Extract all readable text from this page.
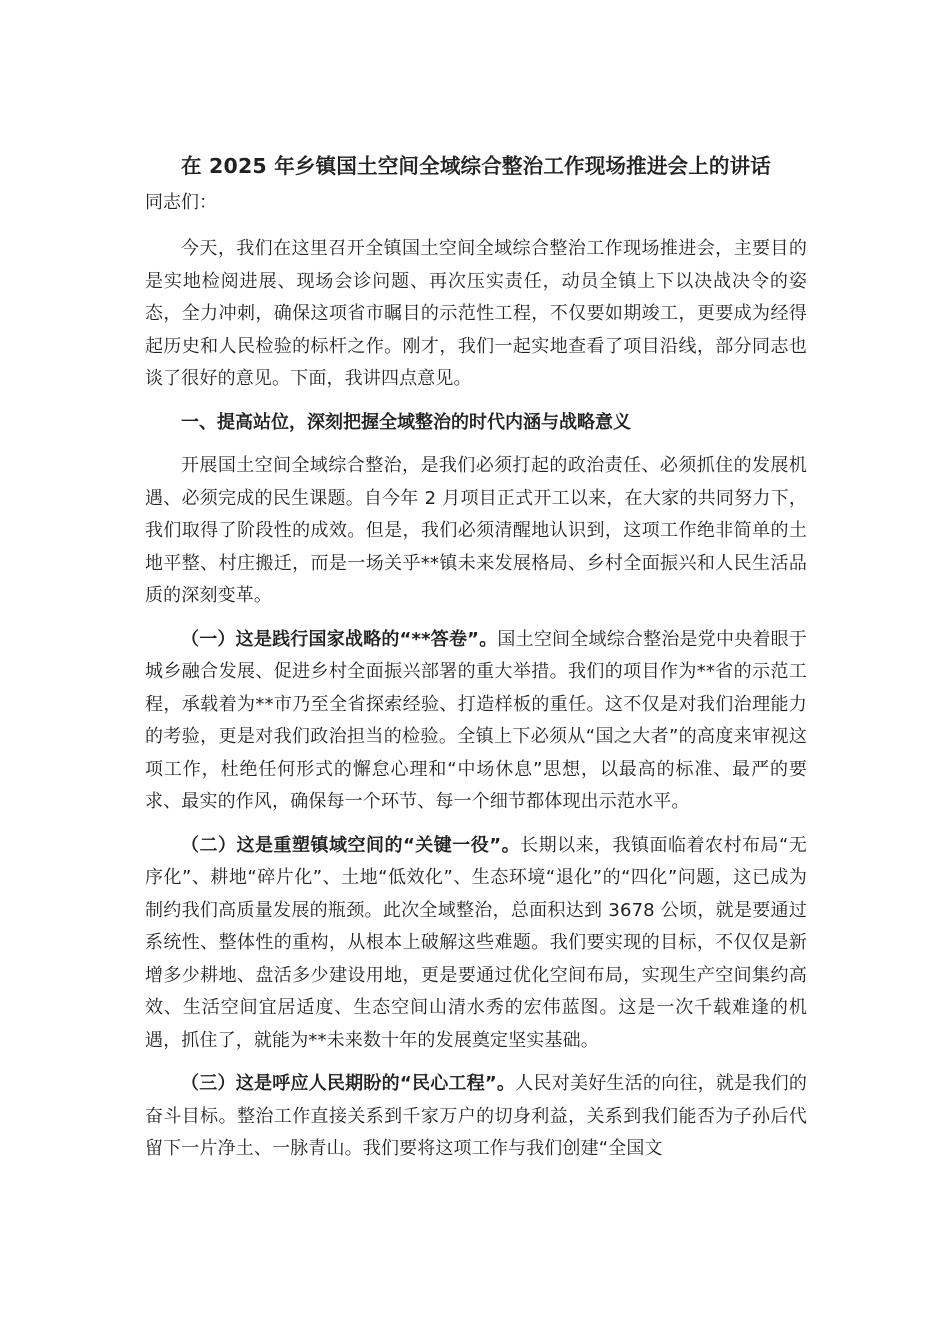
在 2025 年乡镇国土空间全域综合整治工作现场推进会上的讲话
同志们：

今天，我们在这里召开全镇国土空间全域综合整治工作现场推进会，主要目的是实地检阅进展、现场会诊问题、再次压实责任，动员全镇上下以决战决令的姿态，全力冲刺，确保这项省市瞩目的示范性工程，不仅要如期竣工，更要成为经得起历史和人民检验的标杆之作。刚才，我们一起实地查看了项目沿线，部分同志也谈了很好的意见。下面，我讲四点意见。

一、提高站位，深刻把握全域整治的时代内涵与战略意义

开展国土空间全域综合整治，是我们必须打起的政治责任、必须抓住的发展机遇、必须完成的民生课题。自今年 2 月项目正式开工以来，在大家的共同努力下，我们取得了阶段性的成效。但是，我们必须清醒地认识到，这项工作绝非简单的土地平整、村庄搬迁，而是一场关乎**镇未来发展格局、乡村全面振兴和人民生活品质的深刻变革。

（一）这是践行国家战略的“**答卷”。国土空间全域综合整治是党中央着眼于城乡融合发展、促进乡村全面振兴部署的重大举措。我们的项目作为**省的示范工程，承载着为**市乃至全省探索经验、打造样板的重任。这不仅是对我们治理能力的考验，更是对我们政治担当的检验。全镇上下必须从“国之大者”的高度来审视这项工作，杜绝任何形式的懈怠心理和“中场休息”思想，以最高的标准、最严的要求、最实的作风，确保每一个环节、每一个细节都体现出示范水平。

（二）这是重塑镇域空间的“关键一役”。长期以来，我镇面临着农村布局“无序化”、耕地“碎片化”、土地“低效化”、生态环境“退化”的“四化”问题，这已成为制约我们高质量发展的瓶颈。此次全域整治，总面积达到 3678 公顷，就是要通过系统性、整体性的重构，从根本上破解这些难题。我们要实现的目标，不仅仅是新增多少耕地、盘活多少建设用地，更是要通过优化空间布局，实现生产空间集约高效、生活空间宜居适度、生态空间山清水秀的宏伟蓝图。这是一次千载难逢的机遇，抓住了，就能为**未来数十年的发展奠定坚实基础。

（三）这是呼应人民期盼的“民心工程”。人民对美好生活的向往，就是我们的奋斗目标。整治工作直接关系到千家万户的切身利益，关系到我们能否为子孙后代留下一片净土、一脉青山。我们要将这项工作与我们创建“全国文
